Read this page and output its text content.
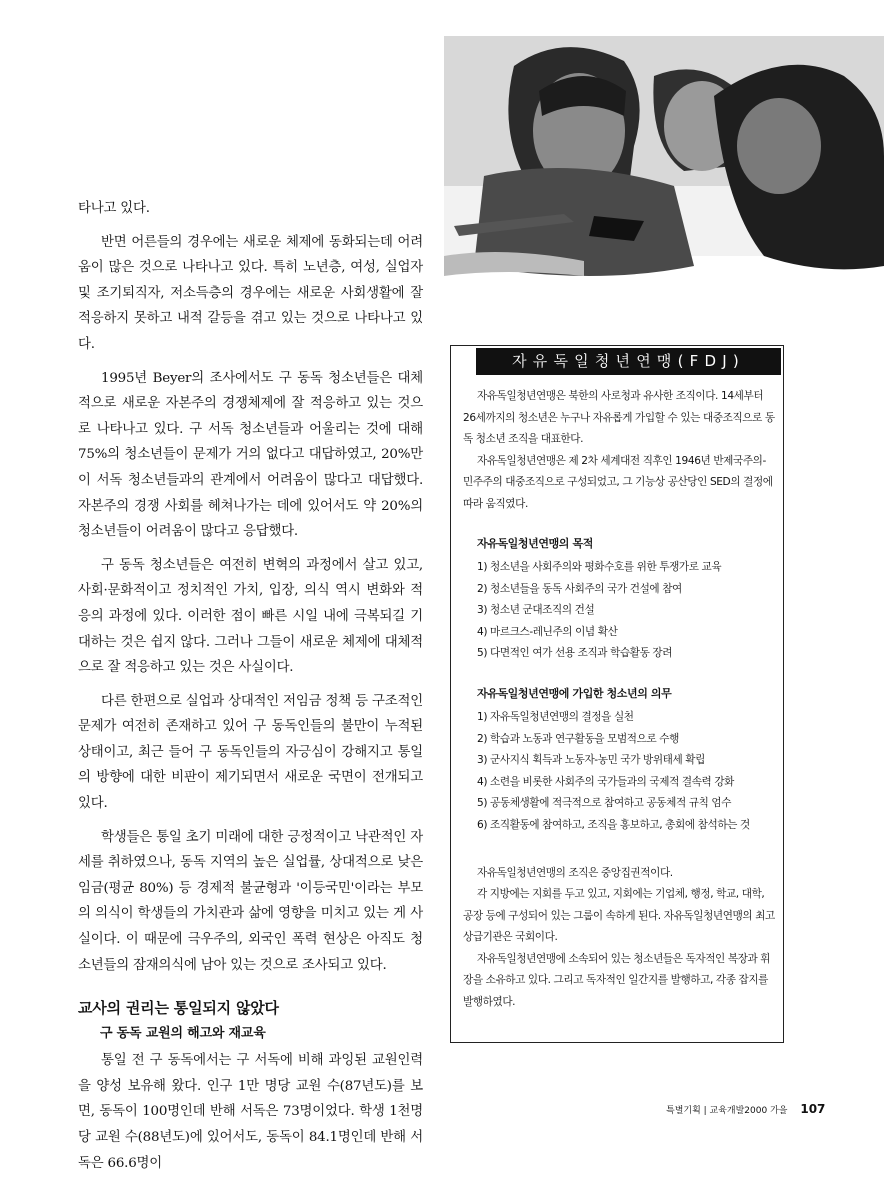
타나고 있다.

반면 어른들의 경우에는 새로운 체제에 동화되는데 어려움이 많은 것으로 나타나고 있다. 특히 노년층, 여성, 실업자 및 조기퇴직자, 저소득층의 경우에는 새로운 사회생활에 잘 적응하지 못하고 내적 갈등을 겪고 있는 것으로 나타나고 있다.

1995년 Beyer의 조사에서도 구 동독 청소년들은 대체적으로 새로운 자본주의 경쟁체제에 잘 적응하고 있는 것으로 나타나고 있다. 구 서독 청소년들과 어울리는 것에 대해 75%의 청소년들이 문제가 거의 없다고 대답하였고, 20%만이 서독 청소년들과의 관계에서 어려움이 많다고 대답했다. 자본주의 경쟁 사회를 헤쳐나가는 데에 있어서도 약 20%의 청소년들이 어려움이 많다고 응답했다.

구 동독 청소년들은 여전히 변혁의 과정에서 살고 있고, 사회·문화적이고 정치적인 가치, 입장, 의식 역시 변화와 적응의 과정에 있다. 이러한 점이 빠른 시일 내에 극복되길 기대하는 것은 쉽지 않다. 그러나 그들이 새로운 체제에 대체적으로 잘 적응하고 있는 것은 사실이다.

다른 한편으로 실업과 상대적인 저임금 정책 등 구조적인 문제가 여전히 존재하고 있어 구 동독인들의 불만이 누적된 상태이고, 최근 들어 구 동독인들의 자긍심이 강해지고 통일의 방향에 대한 비판이 제기되면서 새로운 국면이 전개되고 있다.

학생들은 통일 초기 미래에 대한 긍정적이고 낙관적인 자세를 취하였으나, 동독 지역의 높은 실업률, 상대적으로 낮은 임금(평균 80%) 등 경제적 불균형과 '이등국민'이라는 부모의 의식이 학생들의 가치관과 삶에 영향을 미치고 있는 게 사실이다. 이 때문에 극우주의, 외국인 폭력 현상은 아직도 청소년들의 잠재의식에 남아 있는 것으로 조사되고 있다.

교사의 권리는 통일되지 않았다
구 동독 교원의 해고와 재교육

통일 전 구 동독에서는 구 서독에 비해 과잉된 교원인력을 양성 보유해 왔다. 인구 1만 명당 교원 수(87년도)를 보면, 동독이 100명인데 반해 서독은 73명이었다. 학생 1천명 당 교원 수(88년도)에 있어서도, 동독이 84.1명인데 반해 서독은 66.6명이

자유독일청년연맹(FDJ)

자유독일청년연맹은 북한의 사로청과 유사한 조직이다. 14세부터 26세까지의 청소년은 누구나 자유롭게 가입할 수 있는 대중조직으로 동독 청소년 조직을 대표한다.

자유독일청년연맹은 제 2차 세계대전 직후인 1946년 반제국주의-민주주의 대중조직으로 구성되었고, 그 기능상 공산당인 SED의 결정에 따라 움직였다.

자유독일청년연맹의 목적
1) 청소년을 사회주의와 평화수호를 위한 투쟁가로 교육
2) 청소년들을 동독 사회주의 국가 건설에 참여
3) 청소년 군대조직의 건설
4) 마르크스-레닌주의 이념 확산
5) 다면적인 여가 선용 조직과 학습활동 장려
자유독일청년연맹에 가입한 청소년의 의무
1) 자유독일청년연맹의 결정을 실천
2) 학습과 노동과 연구활동을 모범적으로 수행
3) 군사지식 획득과 노동자-농민 국가 방위태세 확립
4) 소련을 비롯한 사회주의 국가들과의 국제적 결속력 강화
5) 공동체생활에 적극적으로 참여하고 공동체적 규칙 엄수
6) 조직활동에 참여하고, 조직을 홍보하고, 총회에 참석하는 것

자유독일청년연맹의 조직은 중앙집권적이다.

각 지방에는 지회를 두고 있고, 지회에는 기업체, 행정, 학교, 대학, 공장 등에 구성되어 있는 그룹이 속하게 된다. 자유독일청년연맹의 최고 상급기관은 국회이다.

자유독일청년연맹에 소속되어 있는 청소년들은 독자적인 복장과 휘장을 소유하고 있다. 그리고 독자적인 일간지를 발행하고, 각종 잡지를 발행하였다.

특별기획 | 교육개발2000 가을 107
